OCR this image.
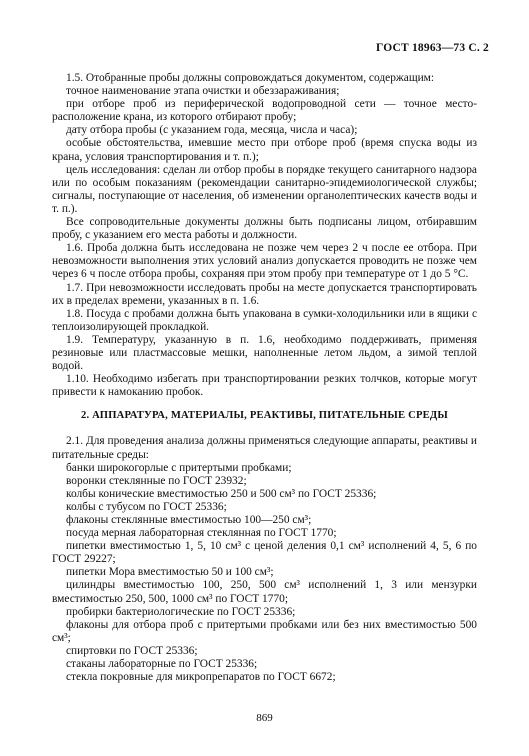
ГОСТ 18963—73 С. 2

1.5. Отобранные пробы должны сопровождаться документом, содержащим:

точное наименование этапа очистки и обеззараживания;

при отборе проб из периферической водопроводной сети — точное место-расположение крана, из которого отбирают пробу;

дату отбора пробы (с указанием года, месяца, числа и часа);

особые обстоятельства, имевшие место при отборе проб (время спуска воды из крана, условия транспортирования и т. п.);

цель исследования: сделан ли отбор пробы в порядке текущего санитарного надзора или по особым показаниям (рекомендации санитарно-эпидемиологической службы; сигналы, поступающие от населения, об изменении органолептических качеств воды и т. п.).

Все сопроводительные документы должны быть подписаны лицом, отбиравшим пробу, с указанием его места работы и должности.

1.6. Проба должна быть исследована не позже чем через 2 ч после ее отбора. При невозможности выполнения этих условий анализ допускается проводить не позже чем через 6 ч после отбора пробы, сохраняя при этом пробу при температуре от 1 до 5 °С.

1.7. При невозможности исследовать пробы на месте допускается транспортировать их в пределах времени, указанных в п. 1.6.

1.8. Посуда с пробами должна быть упакована в сумки-холодильники или в ящики с теплоизолирующей прокладкой.

1.9. Температуру, указанную в п. 1.6, необходимо поддерживать, применяя резиновые или пластмассовые мешки, наполненные летом льдом, а зимой теплой водой.

1.10. Необходимо избегать при транспортировании резких толчков, которые могут привести к намоканию пробок.

2. АППАРАТУРА, МАТЕРИАЛЫ, РЕАКТИВЫ, ПИТАТЕЛЬНЫЕ СРЕДЫ

2.1. Для проведения анализа должны применяться следующие аппараты, реактивы и питательные среды:

банки широкогорлые с притертыми пробками;

воронки стеклянные по ГОСТ 23932;

колбы конические вместимостью 250 и 500 см³ по ГОСТ 25336;

колбы с тубусом по ГОСТ 25336;

флаконы стеклянные вместимостью 100—250 см³;

посуда мерная лабораторная стеклянная по ГОСТ 1770;

пипетки вместимостью 1, 5, 10 см³ с ценой деления 0,1 см³ исполнений 4, 5, 6 по ГОСТ 29227;

пипетки Мора вместимостью 50 и 100 см³;

цилиндры вместимостью 100, 250, 500 см³ исполнений 1, 3 или мензурки вместимостью 250, 500, 1000 см³ по ГОСТ 1770;

пробирки бактериологические по ГОСТ 25336;

флаконы для отбора проб с притертыми пробками или без них вместимостью 500 см³;

спиртовки по ГОСТ 25336;

стаканы лабораторные по ГОСТ 25336;

стекла покровные для микропрепаратов по ГОСТ 6672;

869
